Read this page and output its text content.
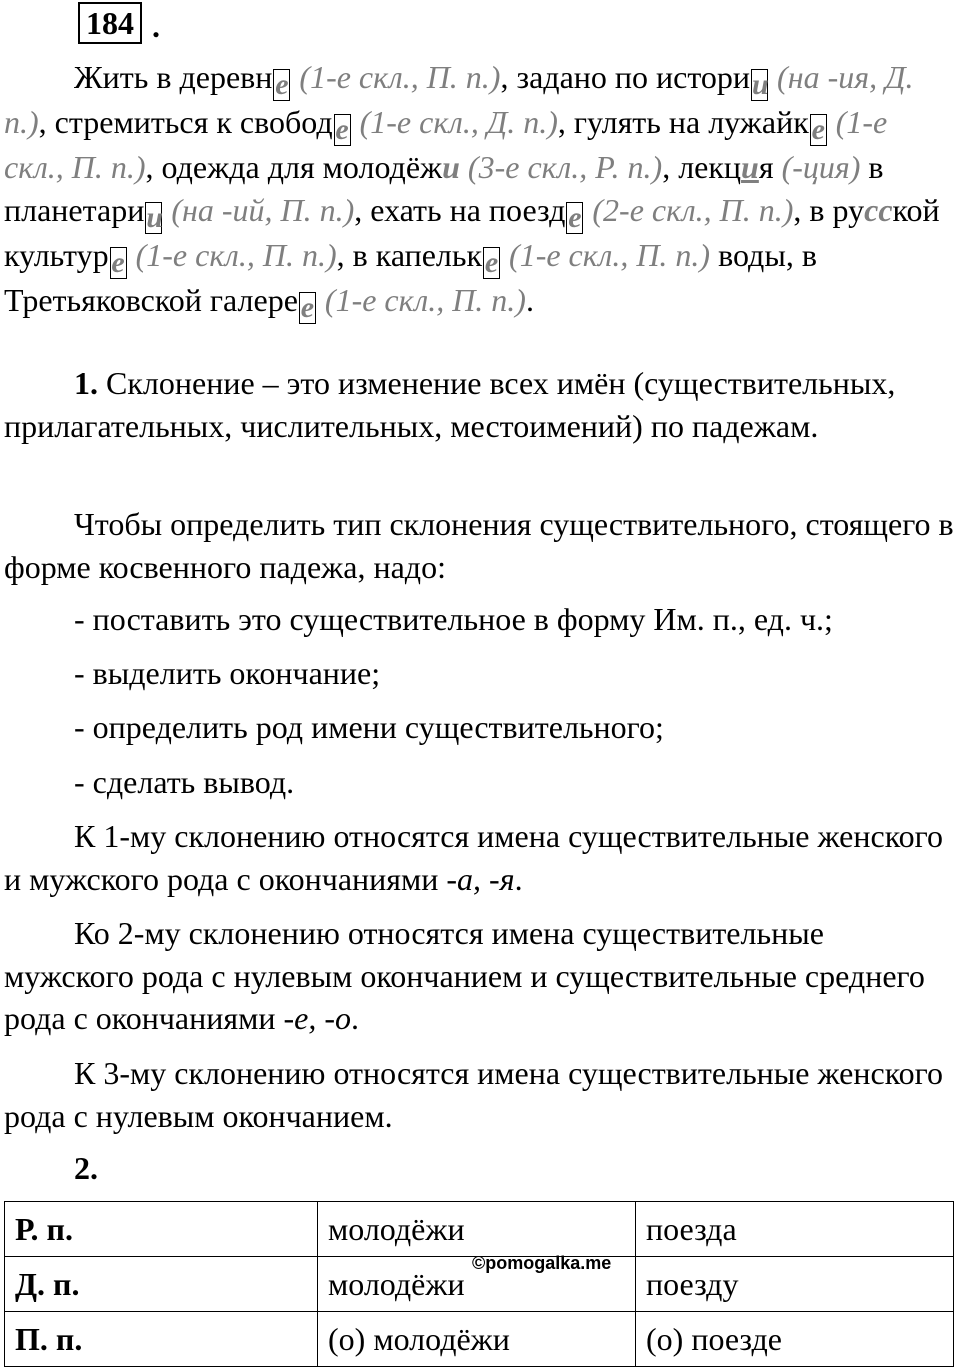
184 .

Жить в деревне (1-е скл., П. п.), задано по истории (на -ия, Д. п.), стремиться к свободе (1-е скл., Д. п.), гулять на лужайке (1-е скл., П. п.), одежда для молодёжи (3-е скл., Р. п.), лекция (-ция) в планетарии (на -ий, П. п.), ехать на поезде (2-е скл., П. п.), в русской культуре (1-е скл., П. п.), в капельке (1-е скл., П. п.) воды, в Третьяковской галерее (1-е скл., П. п.).

1. Склонение – это изменение всех имён (существительных, прилагательных, числительных, местоимений) по падежам.

Чтобы определить тип склонения существительного, стоящего в форме косвенного падежа, надо:

- поставить это существительное в форму Им. п., ед. ч.;

- выделить окончание;

- определить род имени существительного;

- сделать вывод.

К 1-му склонению относятся имена существительные женского и мужского рода с окончаниями -а, -я.

Ко 2-му склонению относятся имена существительные мужского рода с нулевым окончанием и существительные среднего рода с окончаниями -е, -о.

К 3-му склонению относятся имена существительные женского рода с нулевым окончанием.

2.

Р. п.	молодёжи	поезда
Д. п.	молодёжи	поезду
П. п.	(о) молодёжи	(о) поезде
©pomogalka.me
